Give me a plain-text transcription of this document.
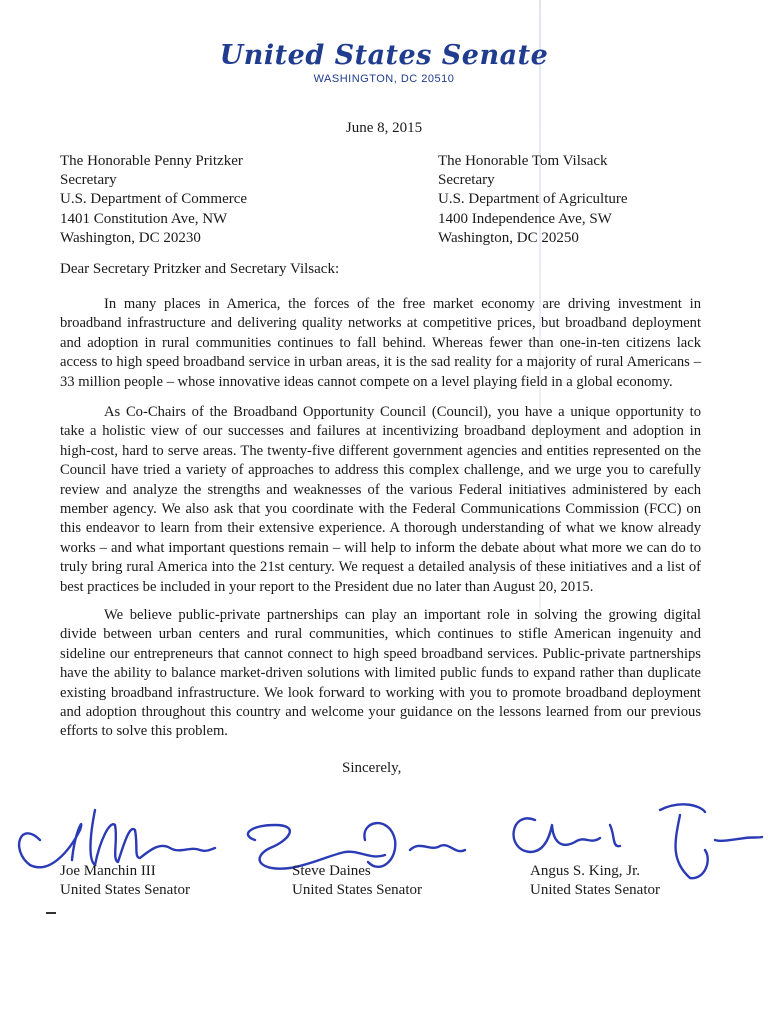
United States Senate
WASHINGTON, DC 20510
June 8, 2015
The Honorable Penny Pritzker
Secretary
U.S. Department of Commerce
1401 Constitution Ave, NW
Washington, DC 20230
The Honorable Tom Vilsack
Secretary
U.S. Department of Agriculture
1400 Independence Ave, SW
Washington, DC 20250
Dear Secretary Pritzker and Secretary Vilsack:

In many places in America, the forces of the free market economy are driving investment in broadband infrastructure and delivering quality networks at competitive prices, but broadband deployment and adoption in rural communities continues to fall behind. Whereas fewer than one-in-ten citizens lack access to high speed broadband service in urban areas, it is the sad reality for a majority of rural Americans – 33 million people – whose innovative ideas cannot compete on a level playing field in a global economy.

As Co-Chairs of the Broadband Opportunity Council (Council), you have a unique opportunity to take a holistic view of our successes and failures at incentivizing broadband deployment and adoption in high-cost, hard to serve areas. The twenty-five different government agencies and entities represented on the Council have tried a variety of approaches to address this complex challenge, and we urge you to carefully review and analyze the strengths and weaknesses of the various Federal initiatives administered by each member agency. We also ask that you coordinate with the Federal Communications Commission (FCC) on this endeavor to learn from their extensive experience. A thorough understanding of what we know already works – and what important questions remain – will help to inform the debate about what more we can do to truly bring rural America into the 21st century. We request a detailed analysis of these initiatives and a list of best practices be included in your report to the President due no later than August 20, 2015.

We believe public-private partnerships can play an important role in solving the growing digital divide between urban centers and rural communities, which continues to stifle American ingenuity and sideline our entrepreneurs that cannot connect to high speed broadband services. Public-private partnerships have the ability to balance market-driven solutions with limited public funds to expand rather than duplicate existing broadband infrastructure. We look forward to working with you to promote broadband deployment and adoption throughout this country and welcome your guidance on the lessons learned from our previous efforts to solve this problem.

Sincerely,
Joe Manchin III
United States Senator
Steve Daines
United States Senator
Angus S. King, Jr.
United States Senator
